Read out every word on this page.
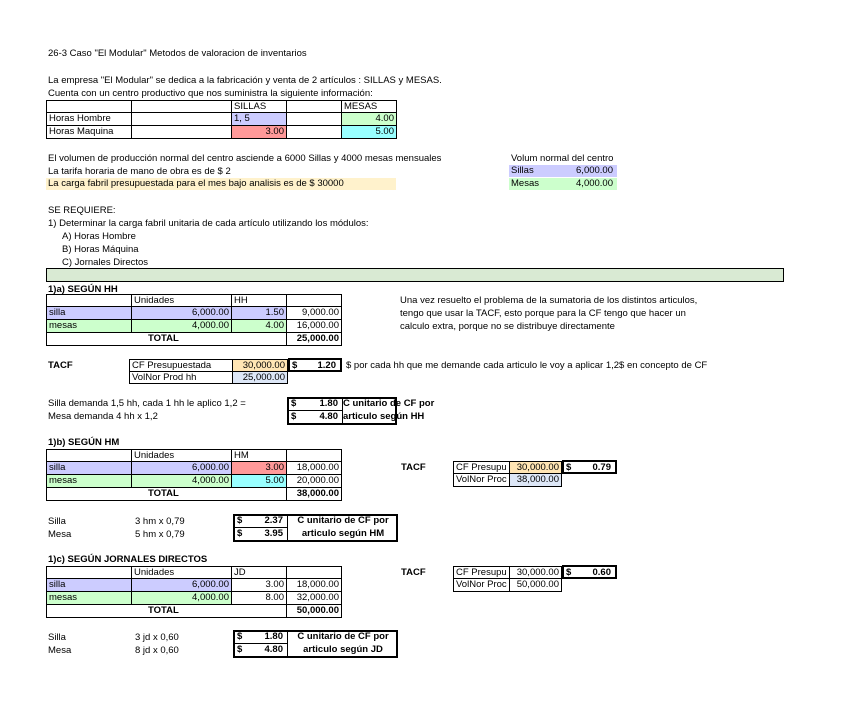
26-3 Caso "El Modular" Metodos de valoracion de inventarios
La empresa "El Modular" se dedica a la fabricación y venta de 2 artículos : SILLAS y MESAS.
Cuenta con un centro productivo que nos suministra la siguiente información:
SILLAS	MESAS
Horas Hombre	1, 5	4.00
Horas Maquina	3.00	5.00
El volumen de producción normal del centro asciende a 6000 Sillas y 4000 mesas mensuales
La tarifa horaria de mano de obra es de $ 2
La carga fabril presupuestada para el mes bajo analisis es de $ 30000
Volum normal del centro
Sillas	6,000.00
Mesas	4,000.00
SE REQUIERE:
1) Determinar la carga fabril unitaria de cada artículo utilizando los módulos:
A) Horas Hombre
B) Horas Máquina
C) Jornales Directos
1)a) SEGÚN HH
Unidades	HH
silla	6,000.00	1.50	9,000.00
mesas	4,000.00	4.00	16,000.00
TOTAL	25,000.00
Una vez resuelto el problema de la sumatoria de los distintos articulos,
tengo que usar la TACF, esto porque para la CF tengo que hacer un
calculo extra, porque no se distribuye directamente
TACF	CF Presupuestada	30,000.00
VolNor Prod hh	25,000.00
$ 1.20 $ por cada hh que me demande cada articulo le voy a aplicar 1,2$ en concepto de CF
Silla demanda 1,5 hh, cada 1 hh le aplico 1,2 =
Mesa demanda 4 hh x 1,2
$	1.80
$	4.80
C unitario de CF por
articulo según HH
1)b) SEGÚN HM
Unidades	HM
silla	6,000.00	3.00	18,000.00
mesas	4,000.00	5.00	20,000.00
TOTAL	38,000.00
TACF	CF Presupu	30,000.00
VolNor Proc	38,000.00
$ 0.79
Silla	3 hm x 0,79
Mesa	5 hm x 0,79
$	2.37
$	3.95
C unitario de CF por
articulo según HM
1)c) SEGÚN JORNALES DIRECTOS
Unidades	JD
silla	6,000.00	3.00	18,000.00
mesas	4,000.00	8.00	32,000.00
TOTAL	50,000.00
TACF	CF Presupu	30,000.00
VolNor Proc	50,000.00
$ 0.60
Silla	3 jd x 0,60
Mesa	8 jd x 0,60
$	1.80
$	4.80
C unitario de CF por
articulo según JD
